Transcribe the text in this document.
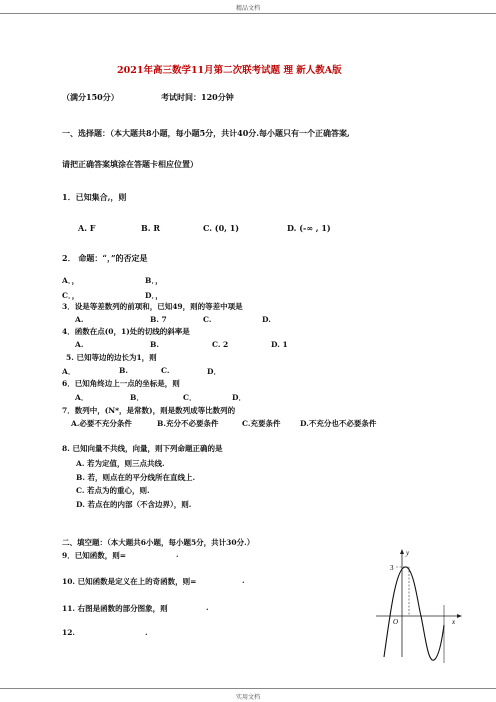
精品文档
实用文档
2021年高三数学11月第二次联考试题 理 新人教A版
（满分150分）	考试时间：120分钟
一、选择题：（本大题共8小题，每小题5分，共计40分.每小题只有一个正确答案,
请把正确答案填涂在答题卡相应位置）
1．已知集合,，则
A. F	B. R	C. (0, 1)	D. (-∞ , 1)
2． 命题：“，”的否定是
A．，	B．，
C．，	D．，
3．设是等差数列的前项和，已知49，则的等差中项是
A.	B. 7	C.	D.
4．函数在点(0，1)处的切线的斜率是
A.	B.	C. 2	D. 1
5. 已知等边的边长为1，则
A．	B.	C.	D．
6．已知角终边上一点的坐标是，则
A．	B．	C．	D．
7．数列中，(N*，是常数)，则是数列成等比数列的
A.必要不充分条件	B.充分不必要条件	C.充要条件	D.不充分也不必要条件
8. 已知向量不共线，向量，则下列命题正确的是
A. 若为定值，则三点共线.
B. 若，则点在的平分线所在直线上.
C. 若点为的重心，则.
D. 若点在的内部（不含边界），则.
二、填空题：（本大题共6小题，每小题5分，共计30分.）
9．已知函数，则=	.
10. 已知函数是定义在上的奇函数，则=	.
11. 右图是函数的部分图象，则	.
12.	.
y
3
O	x
